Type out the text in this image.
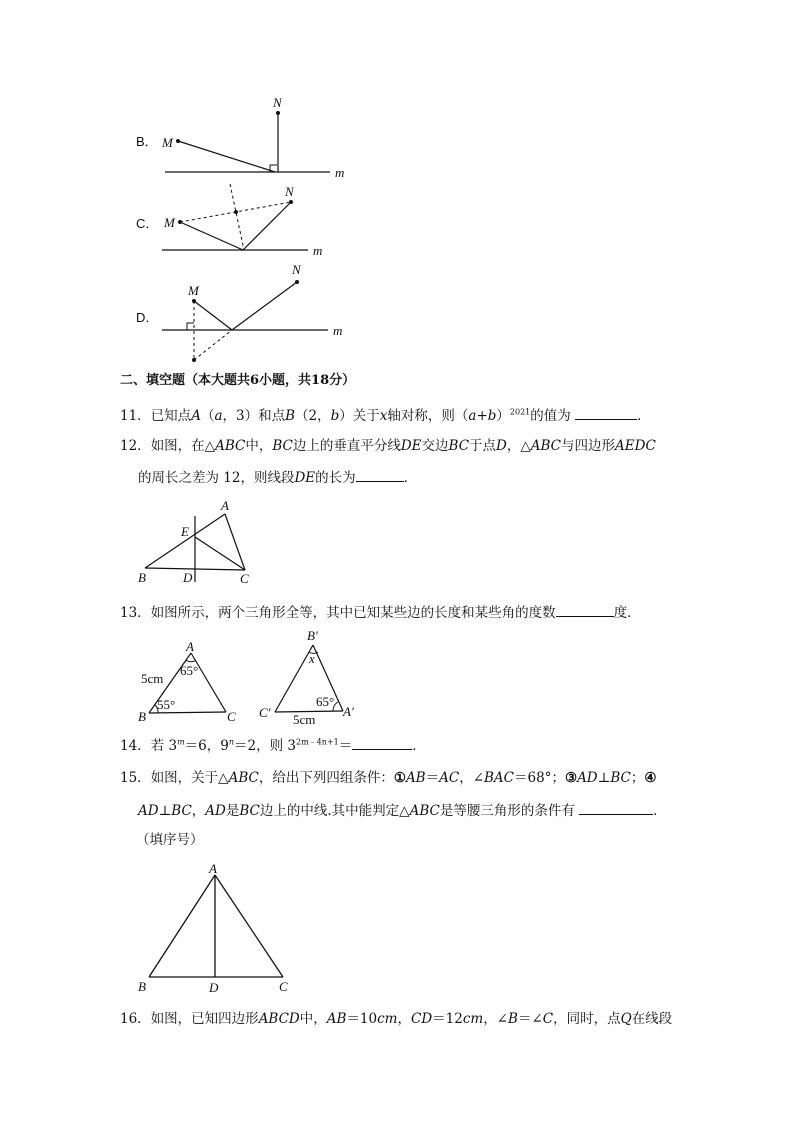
B． M
N
m
C． M
N
m
D．
M
N
m
二、填空题（本大题共6小题，共18分）
11．已知点A（a，3）和点B（2，b）关于x轴对称，则$(a+b)^{2021}$的值为	．
12．如图，在△ABC中，BC边上的垂直平分线DE交边BC于点D，△ABC与四边形AEDC
的周长之差为 12，则线段DE的长为	．
A
E
B	D	C
13．如图所示，两个三角形全等，其中已知某些边的长度和某些角的度数	度．
A
65°
5cm
55°
B	C
B′
x
65°
C′ 5cm
A′
14．若 $3^m=6$，$9^n=2$，则 $3^{2m﹣4n+1}=$	．
15．如图，关于△ABC，给出下列四组条件：①AB＝AC，∠BAC＝68°；③AD⊥BC；④
AD⊥BC，AD是BC边上的中线.其中能判定△ABC是等腰三角形的条件有	．
（填序号）
A
B	D	C
16．如图，已知四边形ABCD中，AB＝10cm，CD＝12cm，∠B＝∠C，同时，点Q在线段
